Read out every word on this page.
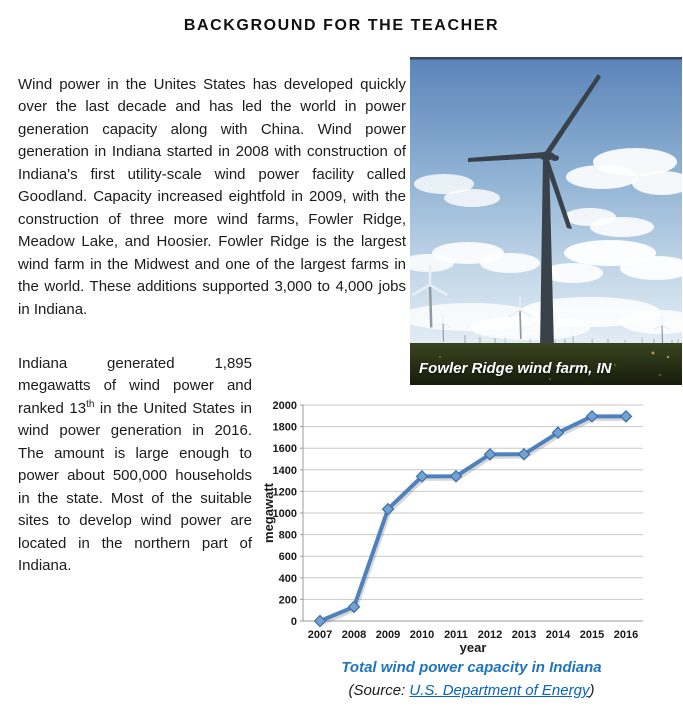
BACKGROUND FOR THE TEACHER

Wind power in the Unites States has developed quickly over the last decade and has led the world in power generation capacity along with China. Wind power generation in Indiana started in 2008 with construction of Indiana's first utility-scale wind power facility called Goodland. Capacity increased eightfold in 2009, with the construction of three more wind farms, Fowler Ridge, Meadow Lake, and Hoosier. Fowler Ridge is the largest wind farm in the Midwest and one of the largest farms in the world. These additions supported 3,000 to 4,000 jobs in Indiana.

Fowler Ridge wind farm, IN

Indiana generated 1,895 megawatts of wind power and ranked 13th in the United States in wind power generation in 2016. The amount is large enough to power about 500,000 households in the state. Most of the suitable sites to develop wind power are located in the northern part of Indiana.

0
200
400
600
800
1000
1200
1400
1600
1800
2000
2007 2008 2009 2010 2011 2012 2013 2014 2015 2016
megawatt
year
Total wind power capacity in Indiana
(Source: U.S. Department of Energy)
